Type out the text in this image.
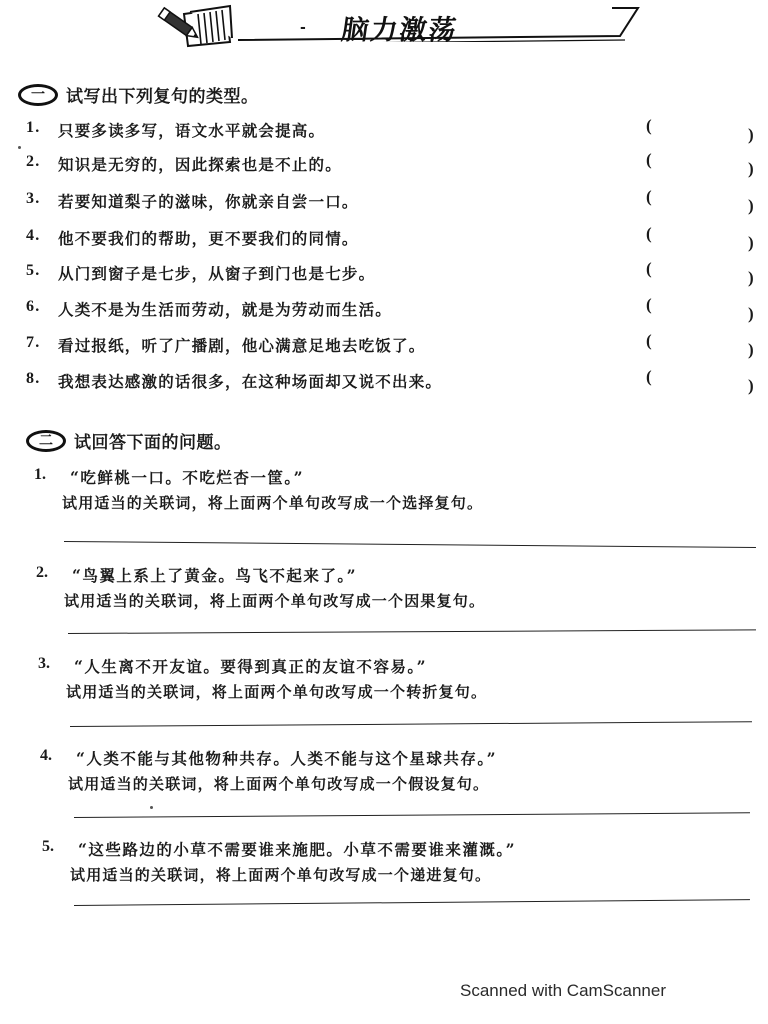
- 脑力激荡
一	试写出下列复句的类型。
1. 只要多读多写，语文水平就会提高。	(	)
2. 知识是无穷的，因此探索也是不止的。	(	)
3. 若要知道梨子的滋味，你就亲自尝一口。	(	)
4. 他不要我们的帮助，更不要我们的同情。	(	)
5. 从门到窗子是七步，从窗子到门也是七步。	(	)
6. 人类不是为生活而劳动，就是为劳动而生活。	(	)
7. 看过报纸，听了广播剧，他心满意足地去吃饭了。	(	)
8. 我想表达感激的话很多，在这种场面却又说不出来。	(	)
二	试回答下面的问题。
1. “吃鲜桃一口。不吃烂杏一筐。”
试用适当的关联词，将上面两个单句改写成一个选择复句。
2. “鸟翼上系上了黄金。鸟飞不起来了。”
试用适当的关联词，将上面两个单句改写成一个因果复句。
3. “人生离不开友谊。要得到真正的友谊不容易。”
试用适当的关联词，将上面两个单句改写成一个转折复句。
4. “人类不能与其他物种共存。人类不能与这个星球共存。”
试用适当的关联词，将上面两个单句改写成一个假设复句。
5. “这些路边的小草不需要谁来施肥。小草不需要谁来灌溉。”
试用适当的关联词，将上面两个单句改写成一个递进复句。
Scanned with CamScanner
